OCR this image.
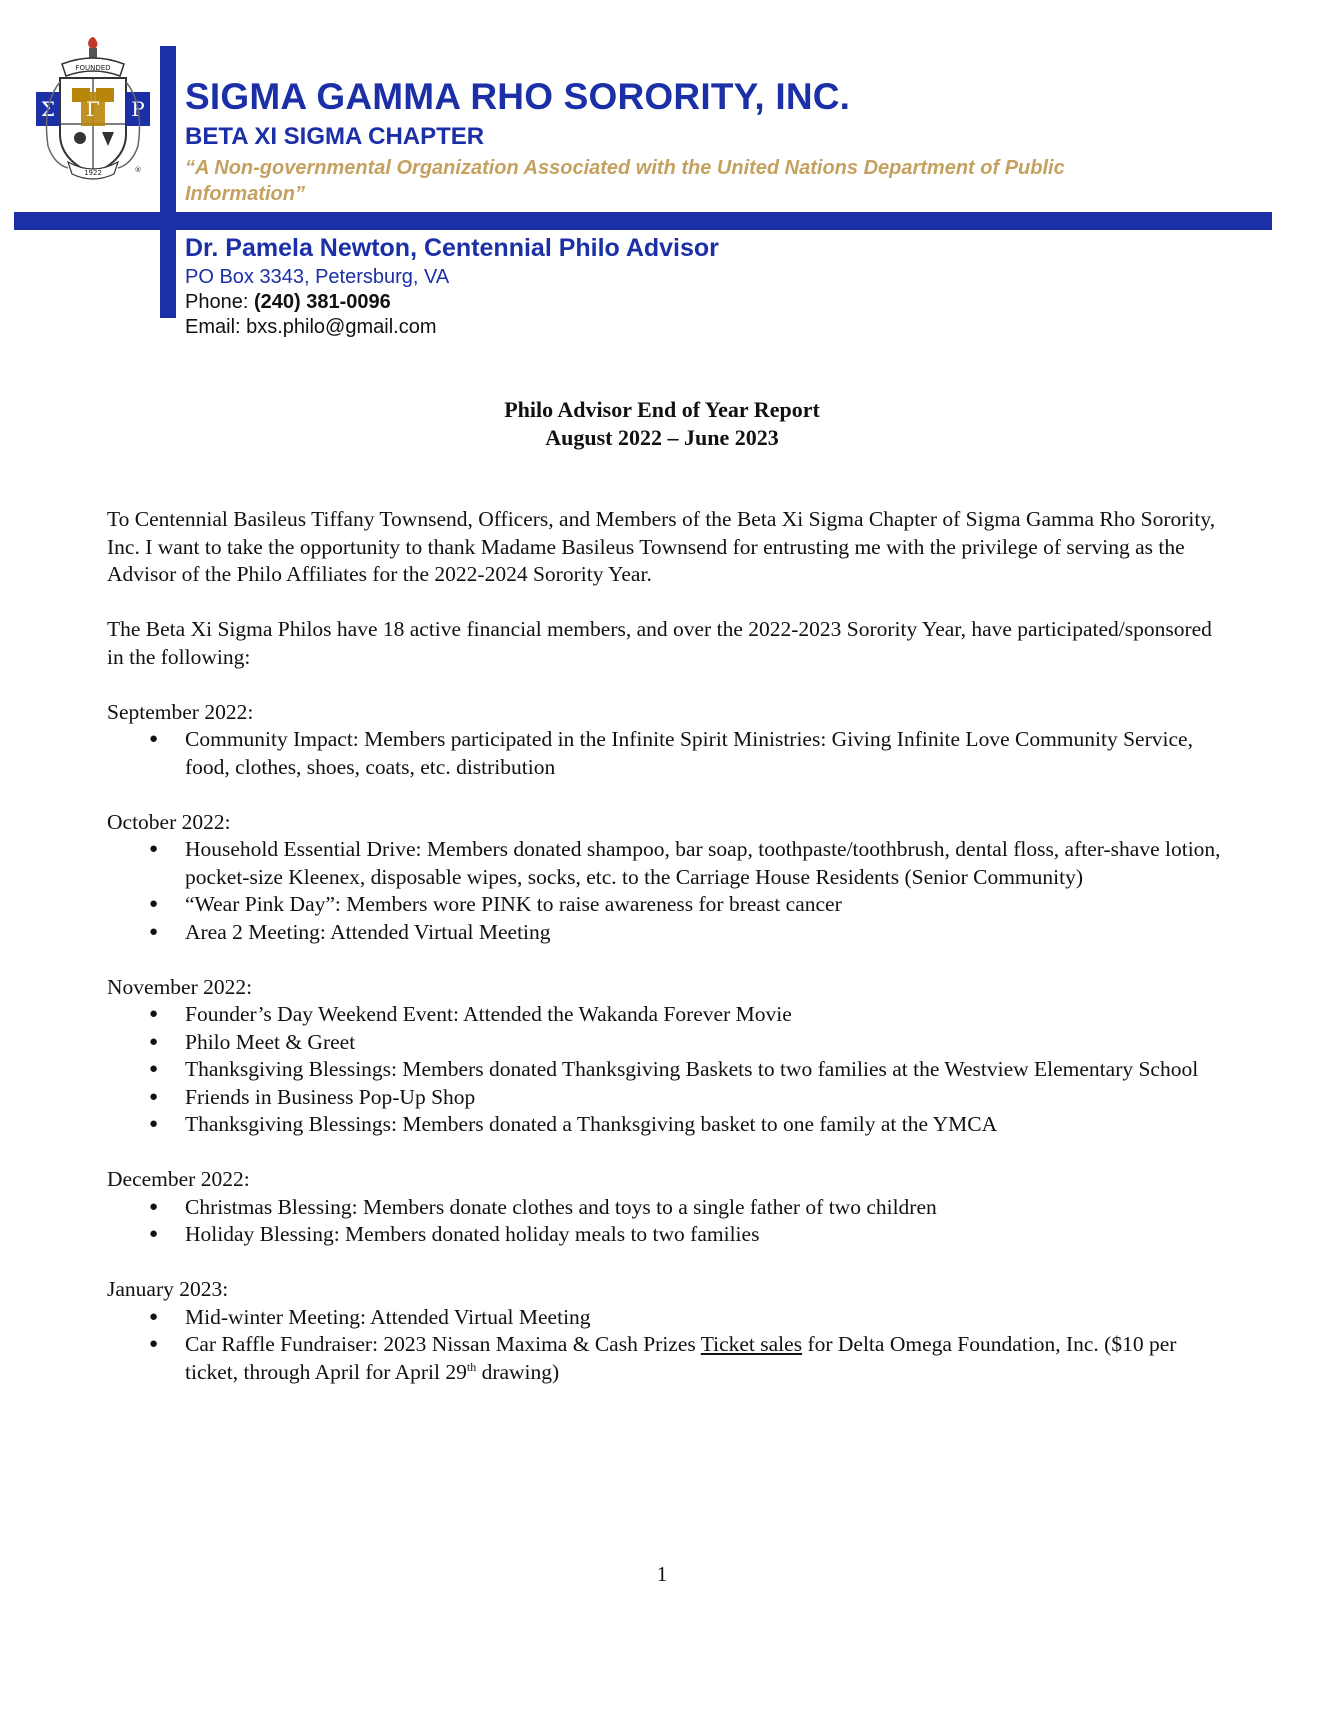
FOUNDED
Σ Γ Ρ
1922	®
SIGMA GAMMA RHO SORORITY, INC.
BETA XI SIGMA CHAPTER
“A Non-governmental Organization Associated with the United Nations Department of Public Information”
Dr. Pamela Newton, Centennial Philo Advisor
PO Box 3343, Petersburg, VA
Phone: (240) 381-0096
Email: bxs.philo@gmail.com
Philo Advisor End of Year Report
August 2022 – June 2023

To Centennial Basileus Tiffany Townsend, Officers, and Members of the Beta Xi Sigma Chapter of Sigma Gamma Rho Sorority, Inc. I want to take the opportunity to thank Madame Basileus Townsend for entrusting me with the privilege of serving as the Advisor of the Philo Affiliates for the 2022-2024 Sorority Year.

The Beta Xi Sigma Philos have 18 active financial members, and over the 2022-2023 Sorority Year, have participated/sponsored in the following:

September 2022:
● Community Impact: Members participated in the Infinite Spirit Ministries: Giving Infinite Love Community Service, food, clothes, shoes, coats, etc. distribution
October 2022:
● Household Essential Drive: Members donated shampoo, bar soap, toothpaste/toothbrush, dental floss, after-shave lotion, pocket-size Kleenex, disposable wipes, socks, etc. to the Carriage House Residents (Senior Community)
● “Wear Pink Day”: Members wore PINK to raise awareness for breast cancer
● Area 2 Meeting: Attended Virtual Meeting
November 2022:
● Founder’s Day Weekend Event: Attended the Wakanda Forever Movie
● Philo Meet & Greet
● Thanksgiving Blessings: Members donated Thanksgiving Baskets to two families at the Westview Elementary School
● Friends in Business Pop-Up Shop
● Thanksgiving Blessings: Members donated a Thanksgiving basket to one family at the YMCA
December 2022:
● Christmas Blessing: Members donate clothes and toys to a single father of two children
● Holiday Blessing: Members donated holiday meals to two families
January 2023:
● Mid-winter Meeting: Attended Virtual Meeting
● Car Raffle Fundraiser: 2023 Nissan Maxima & Cash Prizes Ticket sales for Delta Omega Foundation, Inc. ($10 per ticket, through April for April 29th drawing)
1
